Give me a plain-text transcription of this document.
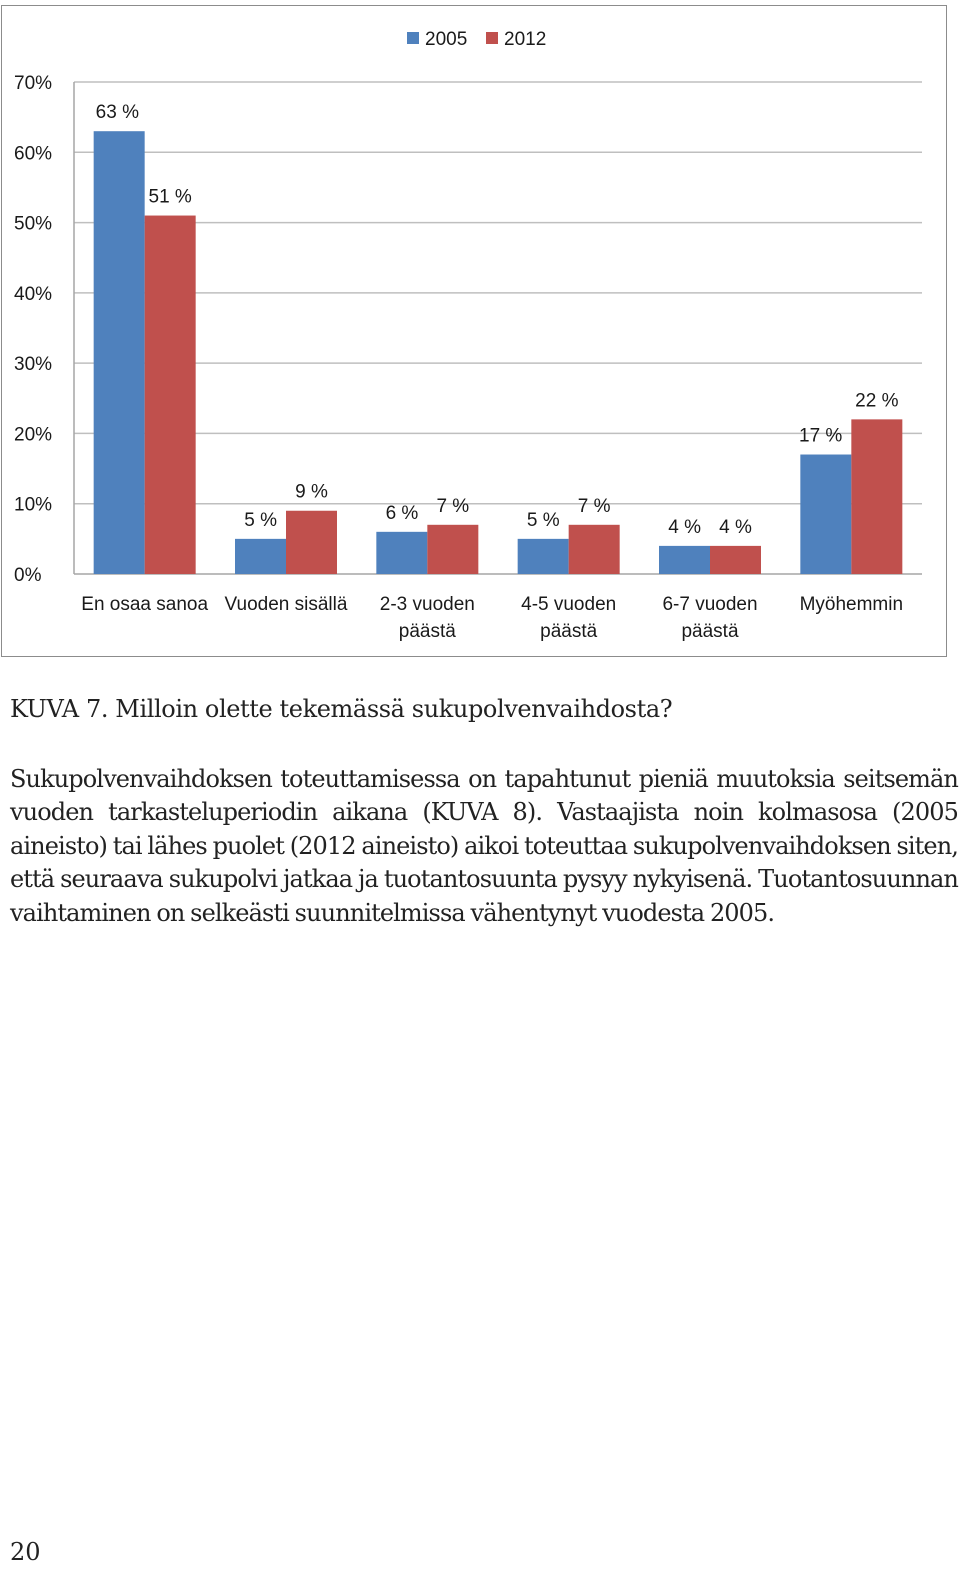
63 %
51 %
5 %
9 %
6 % 7 %
5 %
7 %
4 % 4 %
17 %
22 %
0%
10%
20%
30%
40%
50%
60%
70%
En osaa sanoa Vuoden sisällä 2-3 vuoden
päästä
4-5 vuoden
päästä
6-7 vuoden
päästä
Myöhemmin
2005 2012
KUVA 7. Milloin olette tekemässä sukupolvenvaihdosta?

Sukupolvenvaihdoksen toteuttamisessa on tapahtunut pieniä muutoksia seitsemän vuoden tarkasteluperiodin aikana (KUVA 8). Vastaajista noin kolmasosa (2005 aineisto) tai lähes puolet (2012 aineisto) aikoi toteuttaa sukupolvenvaihdoksen siten, että seuraava sukupolvi jatkaa ja tuotantosuunta pysyy nykyisenä. Tuotantosuunnan vaihtaminen on selkeästi suunnitelmissa vähentynyt vuodesta 2005.

20
